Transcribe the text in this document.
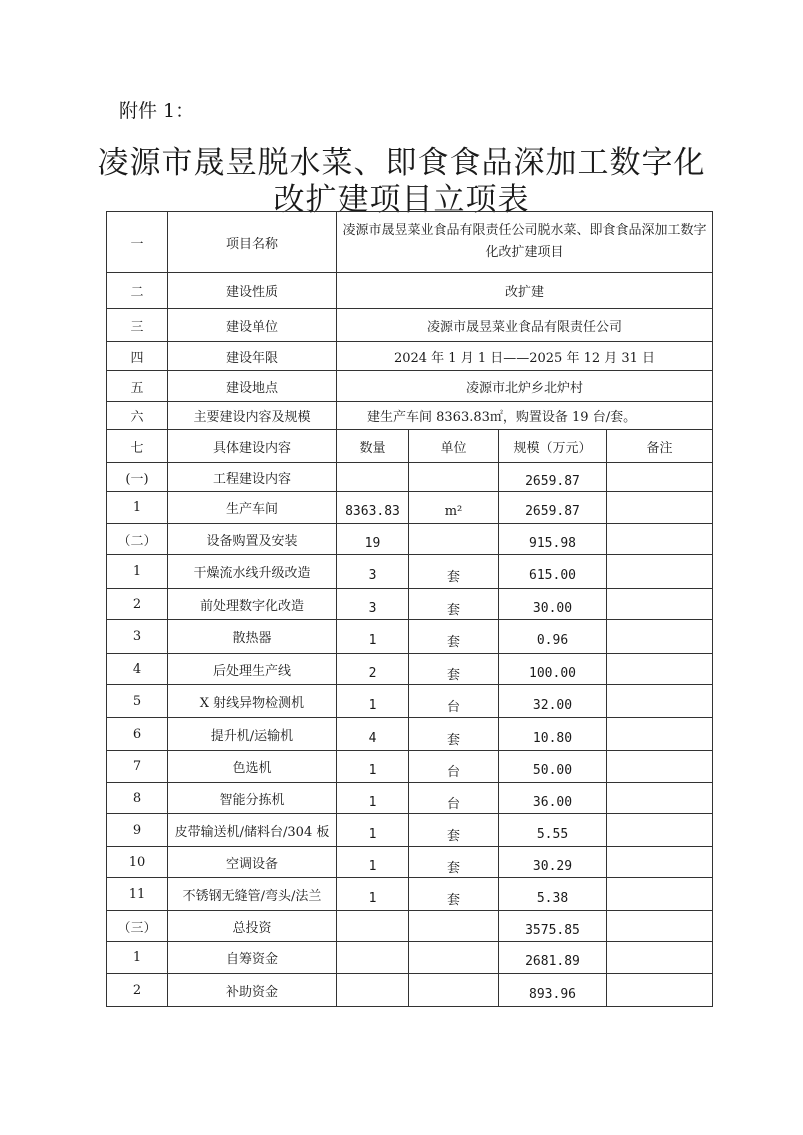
附件 1：
凌源市晟昱脱水菜、即食食品深加工数字化
改扩建项目立项表
一	项目名称	凌源市晟昱菜业食品有限责任公司脱水菜、即食食品深加工数字化改扩建项目			
二	建设性质	改扩建			
三	建设单位	凌源市晟昱菜业食品有限责任公司			
四	建设年限	2024 年 1 月 1 日——2025 年 12 月 31 日			
五	建设地点	凌源市北炉乡北炉村			
六	主要建设内容及规模	建生产车间 8363.83㎡，购置设备 19 台/套。			
七	具体建设内容	数量	单位	规模（万元）	备注
(一)	工程建设内容			2659.87	
1	生产车间	8363.83	m²	2659.87	
（二）	设备购置及安装	19		915.98	
1	干燥流水线升级改造	3	套	615.00	
2	前处理数字化改造	3	套	30.00	
3	散热器	1	套	0.96	
4	后处理生产线	2	套	100.00	
5	X 射线异物检测机	1	台	32.00	
6	提升机/运输机	4	套	10.80	
7	色选机	1	台	50.00	
8	智能分拣机	1	台	36.00	
9	皮带输送机/储料台/304 板	1	套	5.55	
10	空调设备	1	套	30.29	
11	不锈钢无缝管/弯头/法兰	1	套	5.38	
（三）	总投资			3575.85	
1	自筹资金			2681.89	
2	补助资金			893.96	
